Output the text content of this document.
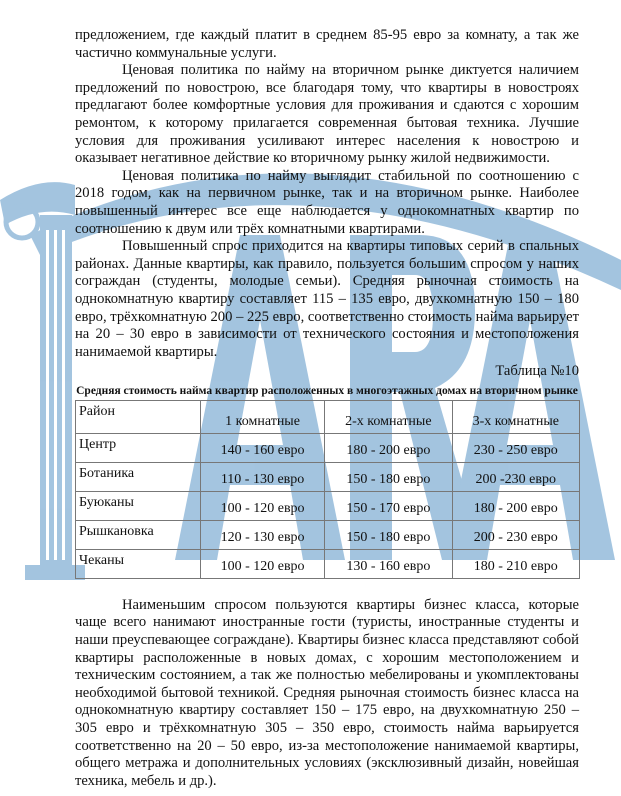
предложением, где каждый платит в среднем 85-95 евро за комнату, а так же частично коммунальные услуги.

Ценовая политика по найму на вторичном рынке диктуется наличием предложений по новострою, все благодаря тому, что квартиры в новостроях предлагают более комфортные условия для проживания и сдаются с хорошим ремонтом, к которому прилагается современная бытовая техника. Лучшие условия для проживания усиливают интерес населения к новострою и оказывает негативное действие ко вторичному рынку жилой недвижимости.

Ценовая политика по найму выглядит стабильной по соотношению с 2018 годом, как на первичном рынке, так и на вторичном рынке. Наиболее повышенный интерес все еще наблюдается у однокомнатных квартир по соотношению к двум или трёх комнатными квартирами.

Повышенный спрос приходится на квартиры типовых серий в спальных районах. Данные квартиры, как правило, пользуется большим спросом у наших сограждан (студенты, молодые семьи). Средняя рыночная стоимость на однокомнатную квартиру составляет 115 – 135 евро, двухкомнатную 150 – 180 евро, трёхкомнатную 200 – 225 евро, соответственно стоимость найма варьирует на 20 – 30 евро в зависимости от технического состояния и местоположения нанимаемой квартиры.

Таблица №10

Средняя стоимость найма квартир расположенных в многоэтажных домах на вторичном рынке
Район	1 комнатные	2-х комнатные	3-х комнатные
Центр	140 - 160 евро	180 - 200 евро	230 - 250 евро
Ботаника	110 - 130 евро	150 - 180 евро	200 -230 евро
Буюканы	100 - 120 евро	150 - 170 евро	180 - 200 евро
Рышкановка	120 - 130 евро	150 - 180 евро	200 - 230 евро
Чеканы	100 - 120 евро	130 - 160 евро	180 - 210 евро

Наименьшим спросом пользуются квартиры бизнес класса, которые чаще всего нанимают иностранные гости (туристы, иностранные студенты и наши преуспевающее сограждане). Квартиры бизнес класса представляют собой квартиры расположенные в новых домах, с хорошим местоположением и техническим состоянием, а так же полностью мебелированы и укомплектованы необходимой бытовой техникой. Средняя рыночная стоимость бизнес класса на однокомнатную квартиру составляет 150 – 175 евро, на двухкомнатную 250 – 305 евро и трёхкомнатную 305 – 350 евро, стоимость найма варьируется соответственно на 20 – 50 евро, из-за местоположение нанимаемой квартиры, общего метража и дополнительных условиях (эксклюзивный дизайн, новейшая техника, мебель и др.).
